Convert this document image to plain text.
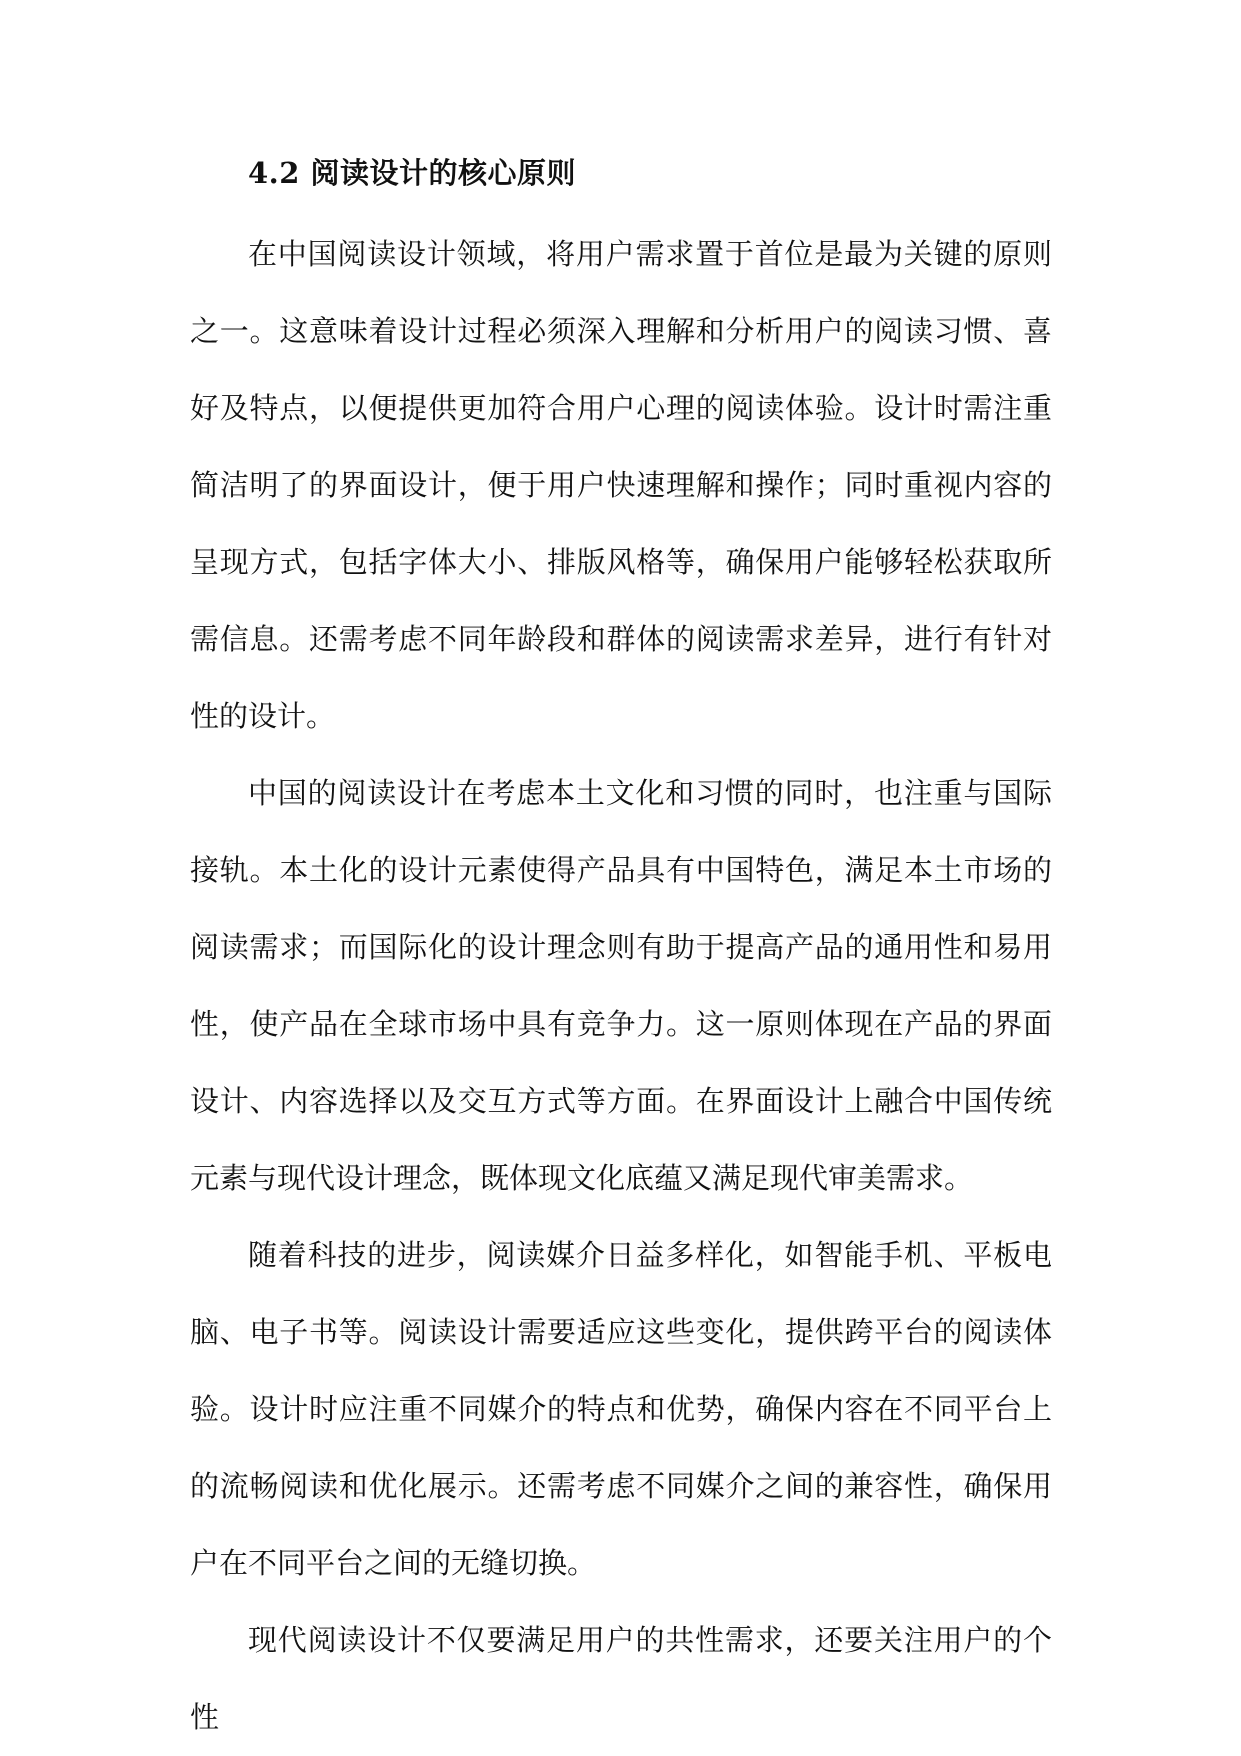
4.2 阅读设计的核心原则

在中国阅读设计领域，将用户需求置于首位是最为关键的原则之一。这意味着设计过程必须深入理解和分析用户的阅读习惯、喜好及特点，以便提供更加符合用户心理的阅读体验。设计时需注重简洁明了的界面设计，便于用户快速理解和操作；同时重视内容的呈现方式，包括字体大小、排版风格等，确保用户能够轻松获取所需信息。还需考虑不同年龄段和群体的阅读需求差异，进行有针对性的设计。

中国的阅读设计在考虑本土文化和习惯的同时，也注重与国际接轨。本土化的设计元素使得产品具有中国特色，满足本土市场的阅读需求；而国际化的设计理念则有助于提高产品的通用性和易用性，使产品在全球市场中具有竞争力。这一原则体现在产品的界面设计、内容选择以及交互方式等方面。在界面设计上融合中国传统元素与现代设计理念，既体现文化底蕴又满足现代审美需求。

随着科技的进步，阅读媒介日益多样化，如智能手机、平板电脑、电子书等。阅读设计需要适应这些变化，提供跨平台的阅读体验。设计时应注重不同媒介的特点和优势，确保内容在不同平台上的流畅阅读和优化展示。还需考虑不同媒介之间的兼容性，确保用户在不同平台之间的无缝切换。

现代阅读设计不仅要满足用户的共性需求，还要关注用户的个性
